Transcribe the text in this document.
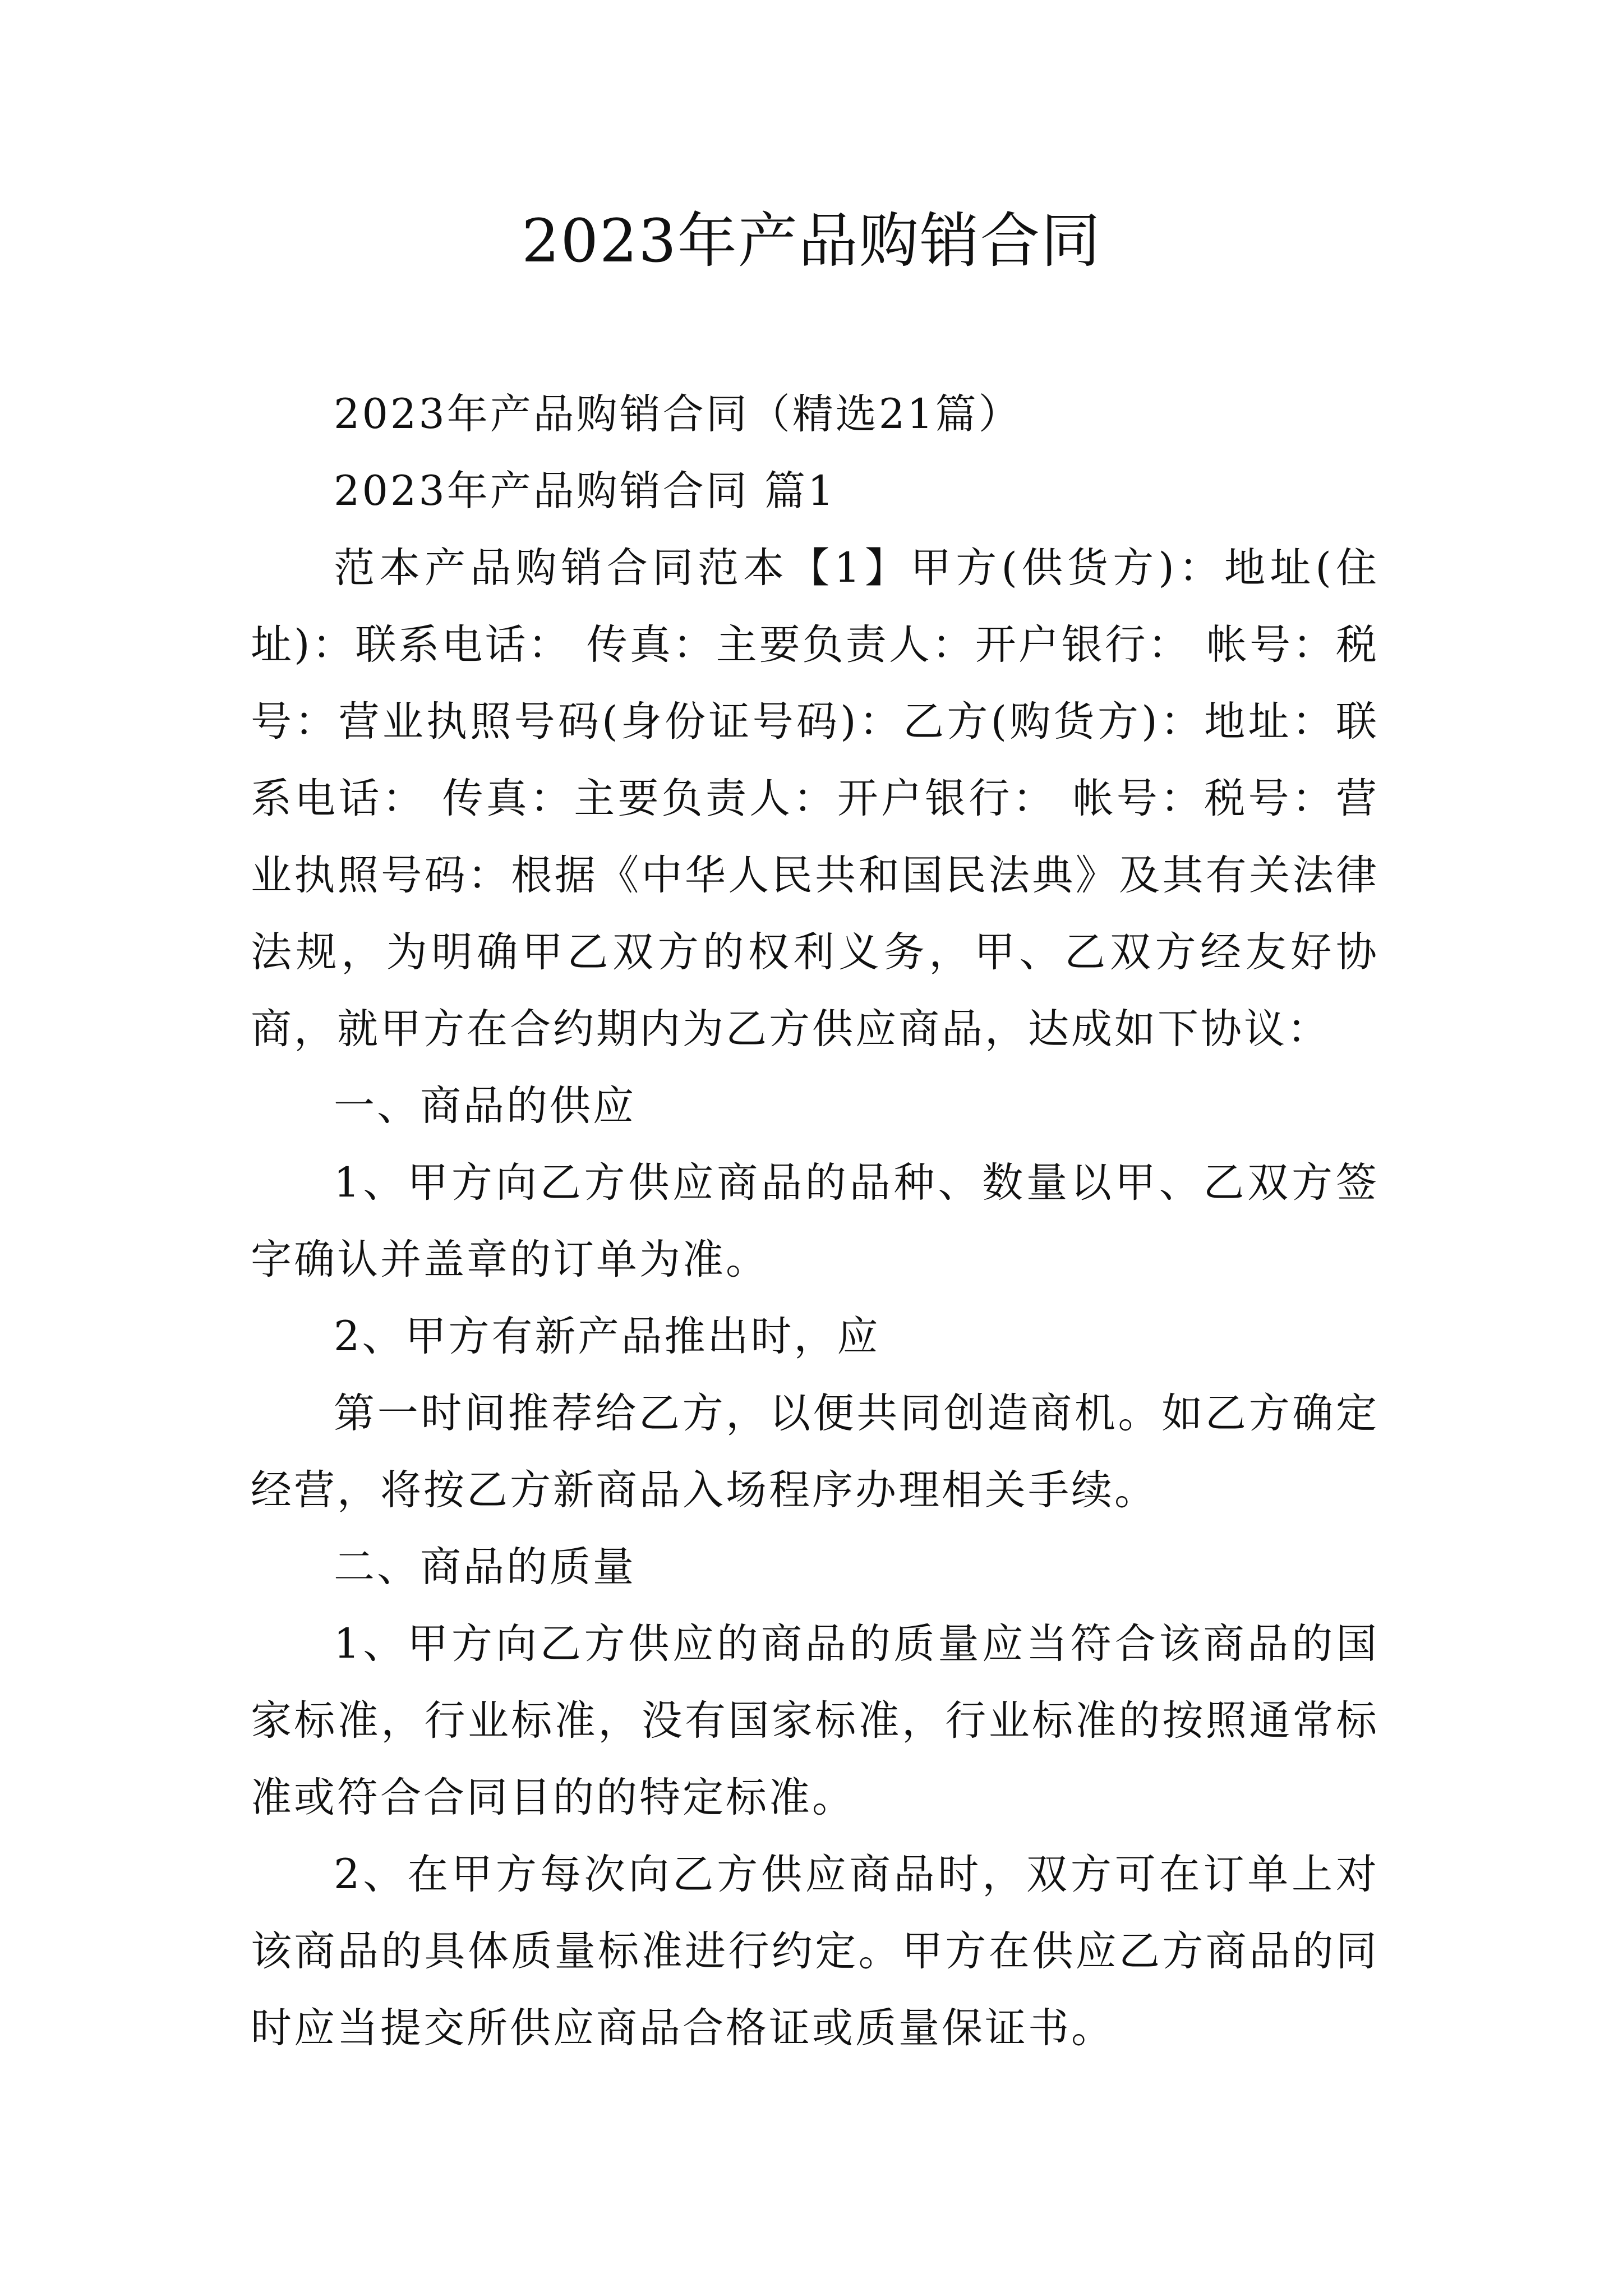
2023年产品购销合同

2023年产品购销合同（精选21篇）

2023年产品购销合同 篇1

范本产品购销合同范本【1】甲方(供货方)：地址(住址)：联系电话： 传真：主要负责人：开户银行： 帐号：税号：营业执照号码(身份证号码)：乙方(购货方)：地址：联系电话： 传真：主要负责人：开户银行： 帐号：税号：营业执照号码：根据《中华人民共和国民法典》及其有关法律法规，为明确甲乙双方的权利义务，甲、乙双方经友好协商，就甲方在合约期内为乙方供应商品，达成如下协议：

一、商品的供应

1、甲方向乙方供应商品的品种、数量以甲、乙双方签字确认并盖章的订单为准。

2、甲方有新产品推出时，应

第一时间推荐给乙方，以便共同创造商机。如乙方确定经营，将按乙方新商品入场程序办理相关手续。

二、商品的质量

1、甲方向乙方供应的商品的质量应当符合该商品的国家标准，行业标准，没有国家标准，行业标准的按照通常标准或符合合同目的的特定标准。

2、在甲方每次向乙方供应商品时，双方可在订单上对该商品的具体质量标准进行约定。甲方在供应乙方商品的同时应当提交所供应商品合格证或质量保证书。
